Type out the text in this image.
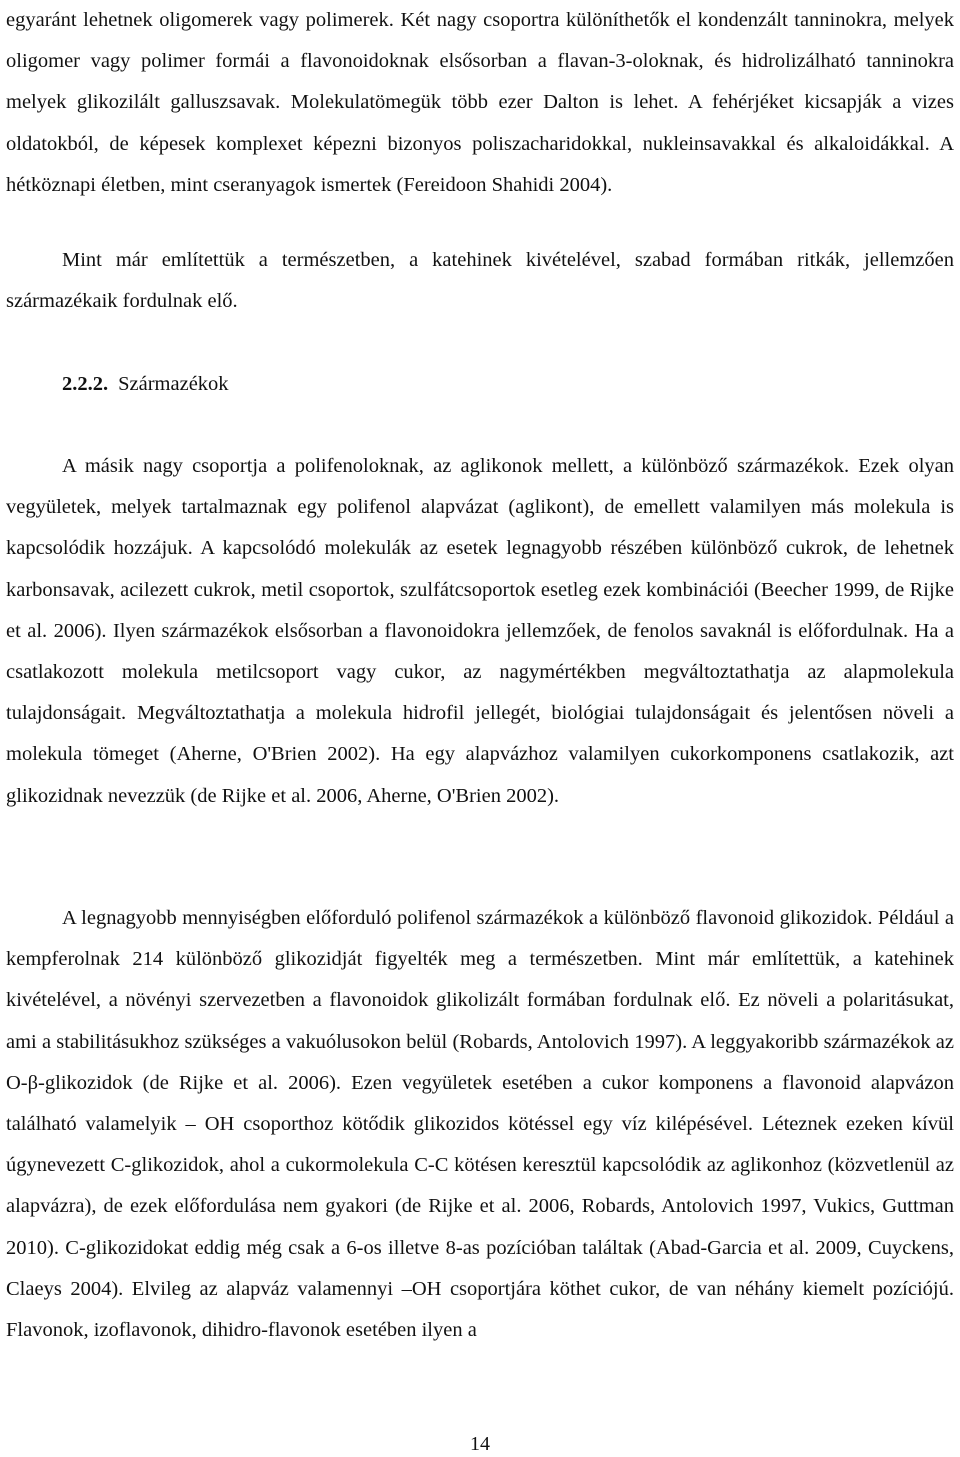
egyaránt lehetnek oligomerek vagy polimerek. Két nagy csoportra különíthetők el kondenzált tanninokra, melyek oligomer vagy polimer formái a flavonoidoknak elsősorban a flavan-3-oloknak, és hidrolizálható tanninokra melyek glikozilált galluszsavak. Molekulatömegük több ezer Dalton is lehet. A fehérjéket kicsapják a vizes oldatokból, de képesek komplexet képezni bizonyos poliszacharidokkal, nukleinsavakkal és alkaloidákkal. A hétköznapi életben, mint cseranyagok ismertek (Fereidoon Shahidi 2004).

Mint már említettük a természetben, a katehinek kivételével, szabad formában ritkák, jellemzően származékaik fordulnak elő.

2.2.2. Származékok

A másik nagy csoportja a polifenoloknak, az aglikonok mellett, a különböző származékok. Ezek olyan vegyületek, melyek tartalmaznak egy polifenol alapvázat (aglikont), de emellett valamilyen más molekula is kapcsolódik hozzájuk. A kapcsolódó molekulák az esetek legnagyobb részében különböző cukrok, de lehetnek karbonsavak, acilezett cukrok, metil csoportok, szulfátcsoportok esetleg ezek kombinációi (Beecher 1999, de Rijke et al. 2006). Ilyen származékok elsősorban a flavonoidokra jellemzőek, de fenolos savaknál is előfordulnak. Ha a csatlakozott molekula metilcsoport vagy cukor, az nagymértékben megváltoztathatja az alapmolekula tulajdonságait. Megváltoztathatja a molekula hidrofil jellegét, biológiai tulajdonságait és jelentősen növeli a molekula tömeget (Aherne, O'Brien 2002). Ha egy alapvázhoz valamilyen cukorkomponens csatlakozik, azt glikozidnak nevezzük (de Rijke et al. 2006, Aherne, O'Brien 2002).

A legnagyobb mennyiségben előforduló polifenol származékok a különböző flavonoid glikozidok. Például a kempferolnak 214 különböző glikozidját figyelték meg a természetben. Mint már említettük, a katehinek kivételével, a növényi szervezetben a flavonoidok glikolizált formában fordulnak elő. Ez növeli a polaritásukat, ami a stabilitásukhoz szükséges a vakuólusokon belül (Robards, Antolovich 1997). A leggyakoribb származékok az O-β-glikozidok (de Rijke et al. 2006). Ezen vegyületek esetében a cukor komponens a flavonoid alapvázon található valamelyik – OH csoporthoz kötődik glikozidos kötéssel egy víz kilépésével. Léteznek ezeken kívül úgynevezett C-glikozidok, ahol a cukormolekula C-C kötésen keresztül kapcsolódik az aglikonhoz (közvetlenül az alapvázra), de ezek előfordulása nem gyakori (de Rijke et al. 2006, Robards, Antolovich 1997, Vukics, Guttman 2010). C-glikozidokat eddig még csak a 6-os illetve 8-as pozícióban találtak (Abad-Garcia et al. 2009, Cuyckens, Claeys 2004). Elvileg az alapváz valamennyi –OH csoportjára köthet cukor, de van néhány kiemelt pozíciójú. Flavonok, izoflavonok, dihidro-flavonok esetében ilyen a

14
